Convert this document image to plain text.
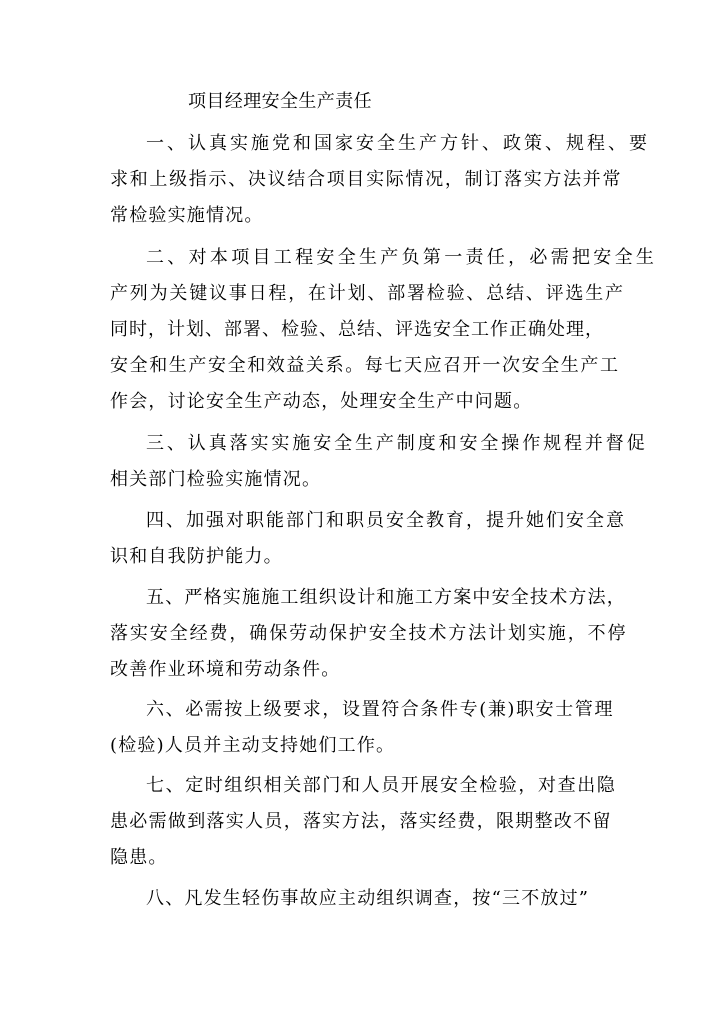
项目经理安全生产责任
一、认真实施党和国家安全生产方针、政策、规程、要
求和上级指示、决议结合项目实际情况，制订落实方法并常
常检验实施情况。
二、对本项目工程安全生产负第一责任，必需把安全生
产列为关键议事日程，在计划、部署检验、总结、评选生产
同时，计划、部署、检验、总结、评选安全工作正确处理，
安全和生产安全和效益关系。每七天应召开一次安全生产工
作会，讨论安全生产动态，处理安全生产中问题。
三、认真落实实施安全生产制度和安全操作规程并督促
相关部门检验实施情况。
四、加强对职能部门和职员安全教育，提升她们安全意
识和自我防护能力。
五、严格实施施工组织设计和施工方案中安全技术方法，
落实安全经费，确保劳动保护安全技术方法计划实施，不停
改善作业环境和劳动条件。
六、必需按上级要求，设置符合条件专(兼)职安士管理
(检验)人员并主动支持她们工作。
七、定时组织相关部门和人员开展安全检验，对查出隐
患必需做到落实人员，落实方法，落实经费，限期整改不留
隐患。
八、凡发生轻伤事故应主动组织调查，按“三不放过”
